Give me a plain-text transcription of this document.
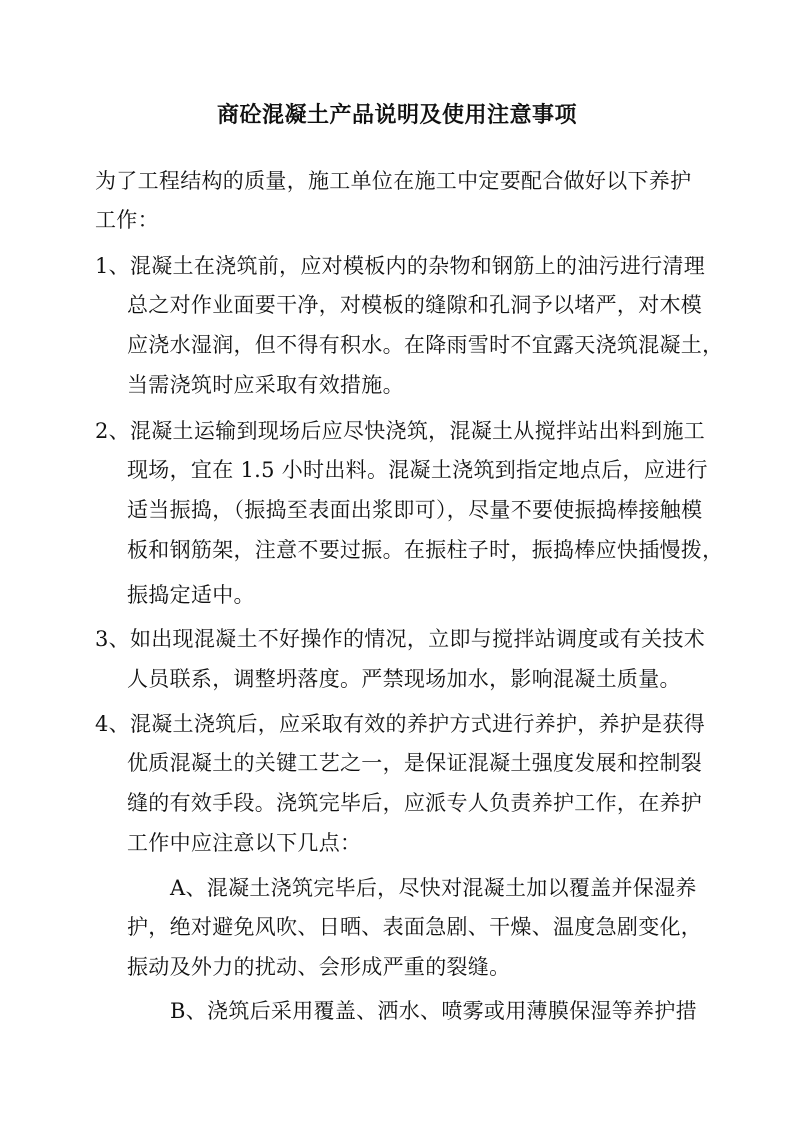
商砼混凝土产品说明及使用注意事项
为了工程结构的质量，施工单位在施工中定要配合做好以下养护
工作：
1、混凝土在浇筑前，应对模板内的杂物和钢筋上的油污进行清理
总之对作业面要干净，对模板的缝隙和孔洞予以堵严，对木模
应浇水湿润，但不得有积水。在降雨雪时不宜露天浇筑混凝土，
当需浇筑时应采取有效措施。
2、混凝土运输到现场后应尽快浇筑，混凝土从搅拌站出料到施工
现场，宜在 1.5 小时出料。混凝土浇筑到指定地点后，应进行
适当振捣，（振捣至表面出浆即可），尽量不要使振捣棒接触模
板和钢筋架，注意不要过振。在振柱子时，振捣棒应快插慢拨，
振捣定适中。
3、如出现混凝土不好操作的情况，立即与搅拌站调度或有关技术
人员联系，调整坍落度。严禁现场加水，影响混凝土质量。
4、混凝土浇筑后，应采取有效的养护方式进行养护，养护是获得
优质混凝土的关键工艺之一，是保证混凝土强度发展和控制裂
缝的有效手段。浇筑完毕后，应派专人负责养护工作，在养护
工作中应注意以下几点：
A、混凝土浇筑完毕后，尽快对混凝土加以覆盖并保湿养
护，绝对避免风吹、日晒、表面急剧、干燥、温度急剧变化，
振动及外力的扰动、会形成严重的裂缝。
B、浇筑后采用覆盖、洒水、喷雾或用薄膜保湿等养护措
